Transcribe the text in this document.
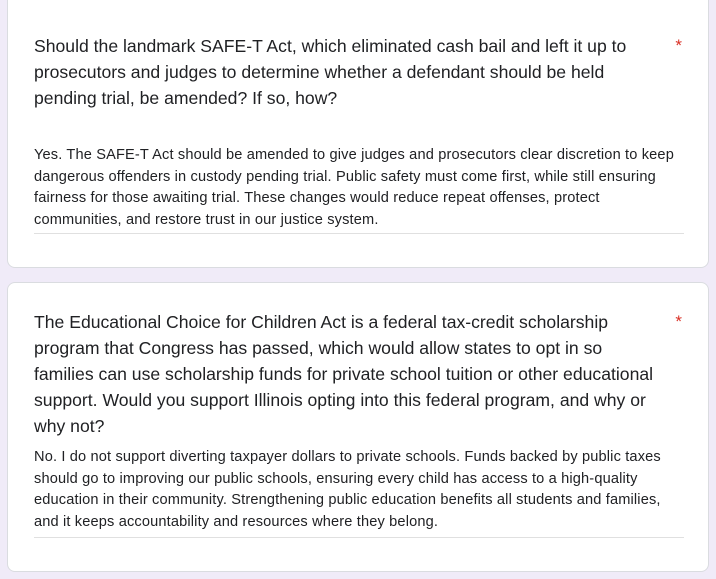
Should the landmark SAFE-T Act, which eliminated cash bail and left it up to prosecutors and judges to determine whether a defendant should be held pending trial, be amended? If so, how?
*
Yes. The SAFE-T Act should be amended to give judges and prosecutors clear discretion to keep dangerous offenders in custody pending trial. Public safety must come first, while still ensuring fairness for those awaiting trial. These changes would reduce repeat offenses, protect communities, and restore trust in our justice system.
The Educational Choice for Children Act is a federal tax-credit scholarship program that Congress has passed, which would allow states to opt in so families can use scholarship funds for private school tuition or other educational support. Would you support Illinois opting into this federal program, and why or why not?
*
No. I do not support diverting taxpayer dollars to private schools. Funds backed by public taxes should go to improving our public schools, ensuring every child has access to a high-quality education in their community. Strengthening public education benefits all students and families, and it keeps accountability and resources where they belong.
